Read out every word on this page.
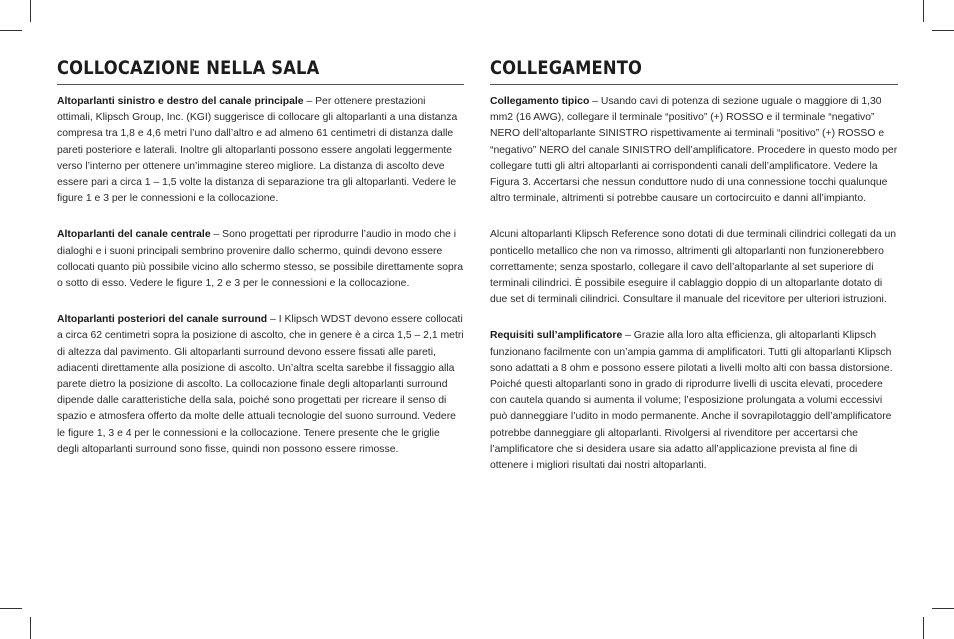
COLLOCAZIONE NELLA SALA

Altoparlanti sinistro e destro del canale principale – Per ottenere prestazioni ottimali, Klipsch Group, Inc. (KGI) suggerisce di collocare gli altoparlanti a una distanza compresa tra 1,8 e 4,6 metri l’uno dall’altro e ad almeno 61 centimetri di distanza dalle pareti posteriore e laterali. Inoltre gli altoparlanti possono essere angolati leggermente verso l’interno per ottenere un’immagine stereo migliore. La distanza di ascolto deve essere pari a circa 1 – 1,5 volte la distanza di separazione tra gli altoparlanti. Vedere le figure 1 e 3 per le connessioni e la collocazione.

Altoparlanti del canale centrale – Sono progettati per riprodurre l’audio in modo che i dialoghi e i suoni principali sembrino provenire dallo schermo, quindi devono essere collocati quanto più possibile vicino allo schermo stesso, se possibile direttamente sopra o sotto di esso. Vedere le figure 1, 2 e 3 per le connessioni e la collocazione.

Altoparlanti posteriori del canale surround – I Klipsch WDST devono essere collocati a circa 62 centimetri sopra la posizione di ascolto, che in genere è a circa 1,5 – 2,1 metri di altezza dal pavimento. Gli altoparlanti surround devono essere fissati alle pareti, adiacenti direttamente alla posizione di ascolto. Un’altra scelta sarebbe il fissaggio alla parete dietro la posizione di ascolto. La collocazione finale degli altoparlanti surround dipende dalle caratteristiche della sala, poiché sono progettati per ricreare il senso di spazio e atmosfera offerto da molte delle attuali tecnologie del suono surround. Vedere le figure 1, 3 e 4 per le connessioni e la collocazione. Tenere presente che le griglie degli altoparlanti surround sono fisse, quindi non possono essere rimosse.

COLLEGAMENTO

Collegamento tipico – Usando cavi di potenza di sezione uguale o maggiore di 1,30 mm2 (16 AWG), collegare il terminale “positivo” (+) ROSSO e il terminale “negativo” NERO dell’altoparlante SINISTRO rispettivamente ai terminali “positivo” (+) ROSSO e “negativo” NERO del canale SINISTRO dell’amplificatore. Procedere in questo modo per collegare tutti gli altri altoparlanti ai corrispondenti canali dell’amplificatore. Vedere la Figura 3. Accertarsi che nessun conduttore nudo di una connessione tocchi qualunque altro terminale, altrimenti si potrebbe causare un cortocircuito e danni all’impianto.

Alcuni altoparlanti Klipsch Reference sono dotati di due terminali cilindrici collegati da un ponticello metallico che non va rimosso, altrimenti gli altoparlanti non funzionerebbero correttamente; senza spostarlo, collegare il cavo dell’altoparlante al set superiore di terminali cilindrici. È possibile eseguire il cablaggio doppio di un altoparlante dotato di due set di terminali cilindrici. Consultare il manuale del ricevitore per ulteriori istruzioni.

Requisiti sull’amplificatore – Grazie alla loro alta efficienza, gli altoparlanti Klipsch funzionano facilmente con un’ampia gamma di amplificatori. Tutti gli altoparlanti Klipsch sono adattati a 8 ohm e possono essere pilotati a livelli molto alti con bassa distorsione. Poiché questi altoparlanti sono in grado di riprodurre livelli di uscita elevati, procedere con cautela quando si aumenta il volume; l’esposizione prolungata a volumi eccessivi può danneggiare l’udito in modo permanente. Anche il sovrapilotaggio dell’amplificatore potrebbe danneggiare gli altoparlanti. Rivolgersi al rivenditore per accertarsi che l’amplificatore che si desidera usare sia adatto all’applicazione prevista al fine di ottenere i migliori risultati dai nostri altoparlanti.
